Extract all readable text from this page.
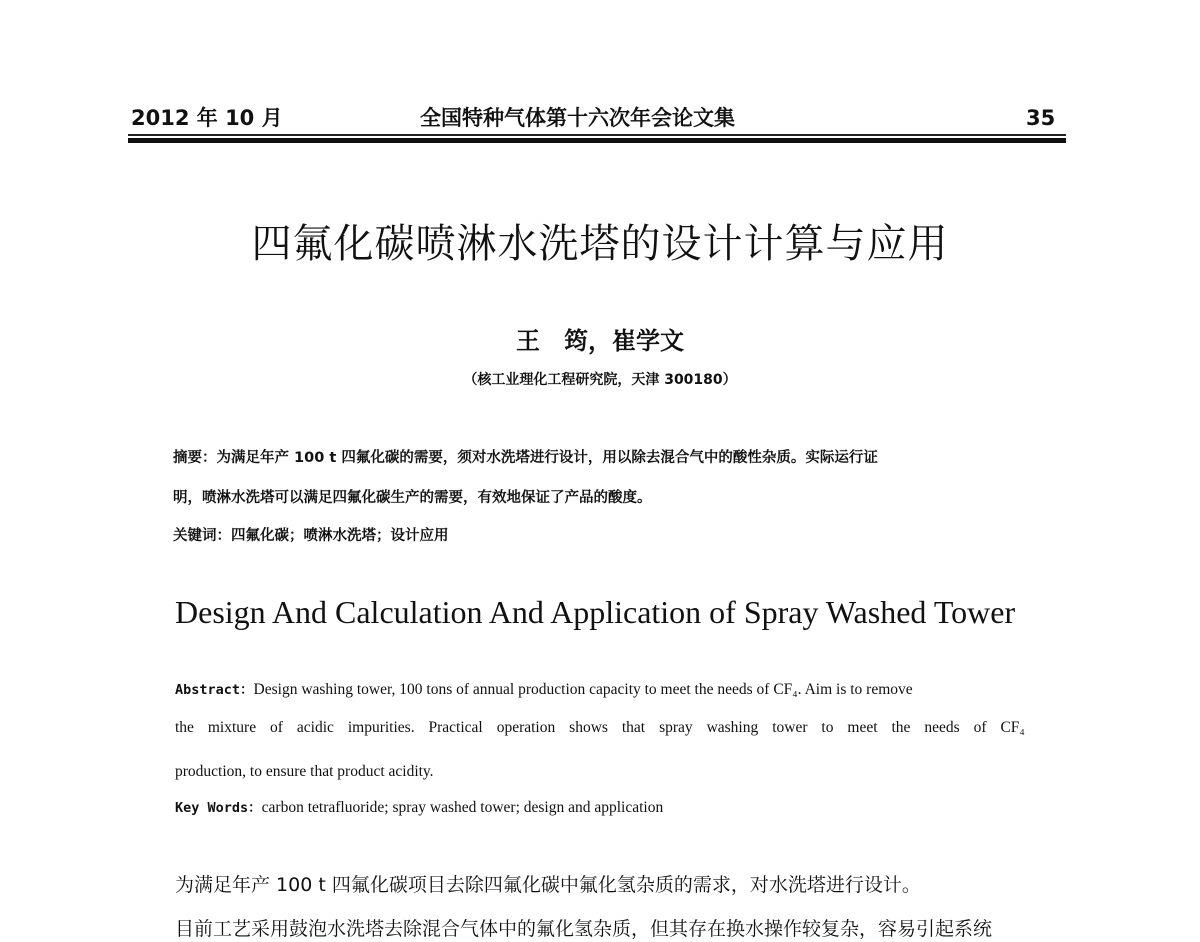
2012 年 10 月	全国特种气体第十六次年会论文集	35
四氟化碳喷淋水洗塔的设计计算与应用
王　筠，崔学文
（核工业理化工程研究院，天津 300180）
摘要：为满足年产 100 t 四氟化碳的需要，须对水洗塔进行设计，用以除去混合气中的酸性杂质。实际运行证
明，喷淋水洗塔可以满足四氟化碳生产的需要，有效地保证了产品的酸度。
关键词：四氟化碳；喷淋水洗塔；设计应用
Design And Calculation And Application of Spray Washed Tower
Abstract：Design washing tower, 100 tons of annual production capacity to meet the needs of CF₄. Aim is to remove
the mixture of acidic impurities. Practical operation shows that spray washing tower to meet the needs of CF₄
production, to ensure that product acidity.
Key Words：carbon tetrafluoride; spray washed tower; design and application
为满足年产 100 t 四氟化碳项目去除四氟化碳中氟化氢杂质的需求，对水洗塔进行设计。
目前工艺采用鼓泡水洗塔去除混合气体中的氟化氢杂质，但其存在换水操作较复杂，容易引起系统
